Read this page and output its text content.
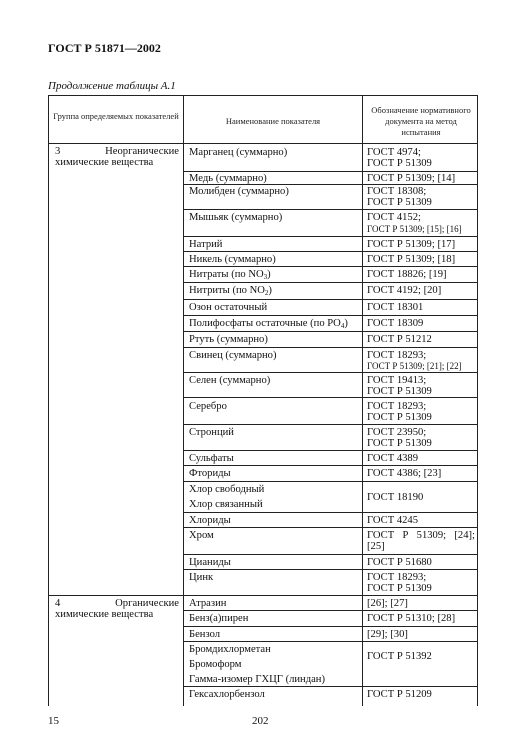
ГОСТ Р 51871—2002
Продолжение таблицы А.1
Группа определяемых показателей	Наименование показателя
Обозначение нормативного документа на метод испытания
3 Неорганические химические вещества
4 Органические химические вещества
Марганец (суммарно)
Медь (суммарно)
Молибден (суммарно)
Мышьяк (суммарно)
Натрий
Никель (суммарно)
Нитраты (по $NO_3$)
Нитриты (по $NO_2$)
Озон остаточный
Полифосфаты остаточные (по $PO_4$)
Ртуть (суммарно)
Свинец (суммарно)
Селен (суммарно)
Серебро
Стронций
Сульфаты
Фториды
Хлор свободный
Хлор связанный
Хлориды
Хром
Цианиды
Цинк
Атразин
Бенз(а)пирен
Бензол
Бромдихлорметан
Бромоформ
Гамма-изомер ГХЦГ (линдан)
Гексахлорбензол
ГОСТ 4974;
ГОСТ Р 51309
ГОСТ Р 51309; [14]
ГОСТ 18308;
ГОСТ Р 51309
ГОСТ 4152;
ГОСТ Р 51309; [15]; [16]
ГОСТ Р 51309; [17]
ГОСТ Р 51309; [18]
ГОСТ 18826; [19]
ГОСТ 4192; [20]
ГОСТ 18301
ГОСТ 18309
ГОСТ Р 51212
ГОСТ 18293;
ГОСТ Р 51309; [21]; [22]
ГОСТ 19413;
ГОСТ Р 51309
ГОСТ 18293;
ГОСТ Р 51309
ГОСТ 23950;
ГОСТ Р 51309
ГОСТ 4389
ГОСТ 4386; [23]
ГОСТ 18190
ГОСТ 4245
ГОСТ Р 51309; [24];
[25]
ГОСТ Р 51680
ГОСТ 18293;
ГОСТ Р 51309
[26]; [27]
ГОСТ Р 51310; [28]
[29]; [30]
ГОСТ Р 51392
ГОСТ Р 51209
15	202
